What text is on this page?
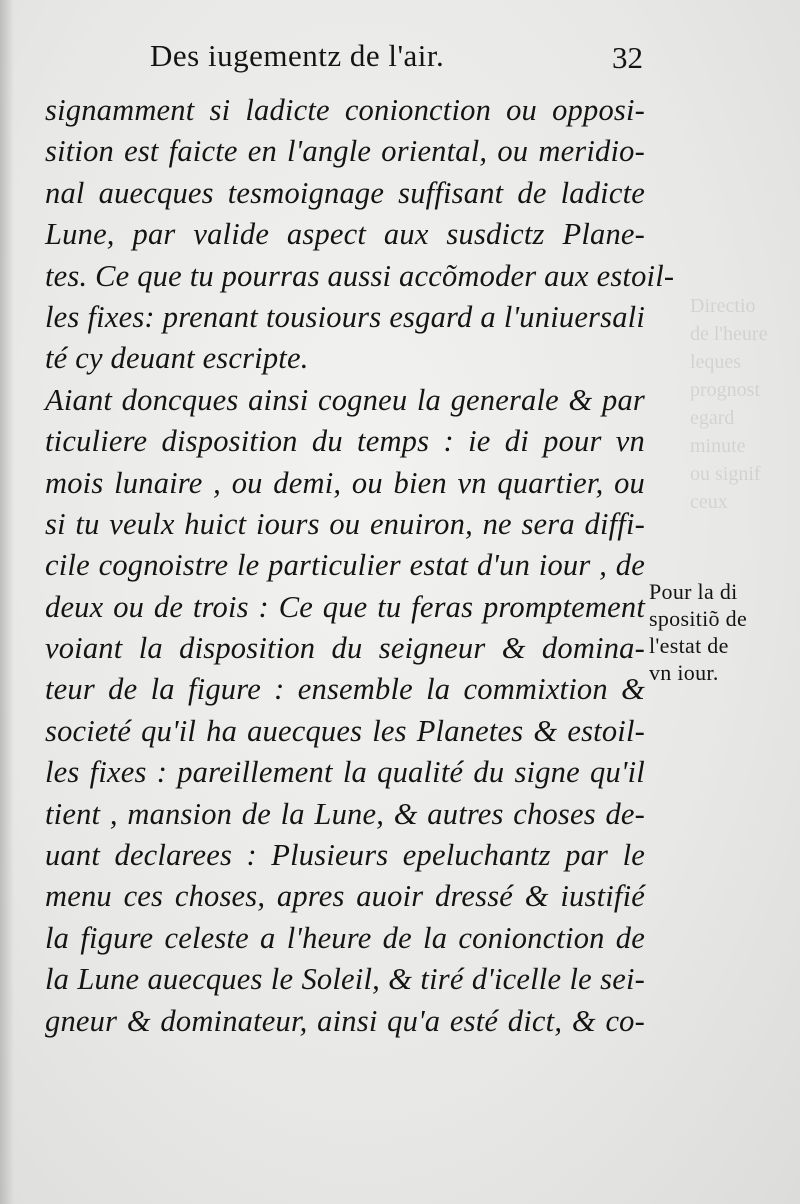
Directio
de l'heure
leques
prognost
egard
minute
ou signif
ceux
Des iugementz de l'air.	32
signamment si ladicte conionction ou opposi-
sition est faicte en l'angle oriental, ou meridio-
nal auecques tesmoignage suffisant de ladicte
Lune, par valide aspect aux susdictz Plane-
tes. Ce que tu pourras aussi accõmoder aux estoil-
les fixes: prenant tousiours esgard a l'uniuersali
té cy deuant escripte.
Aiant doncques ainsi cogneu la generale & par
ticuliere disposition du temps : ie di pour vn
mois lunaire , ou demi, ou bien vn quartier, ou
si tu veulx huict iours ou enuiron, ne sera diffi-
cile cognoistre le particulier estat d'un iour , de
deux ou de trois : Ce que tu feras promptement
voiant la disposition du seigneur & domina-
teur de la figure : ensemble la commixtion &
societé qu'il ha auecques les Planetes & estoil-
les fixes : pareillement la qualité du signe qu'il
tient , mansion de la Lune, & autres choses de-
uant declarees : Plusieurs epeluchantz par le
menu ces choses, apres auoir dressé & iustifié
la figure celeste a l'heure de la conionction de
la Lune auecques le Soleil, & tiré d'icelle le sei-
gneur & dominateur, ainsi qu'a esté dict, & co-
Pour la di
spositiõ de
l'estat de
vn iour.
